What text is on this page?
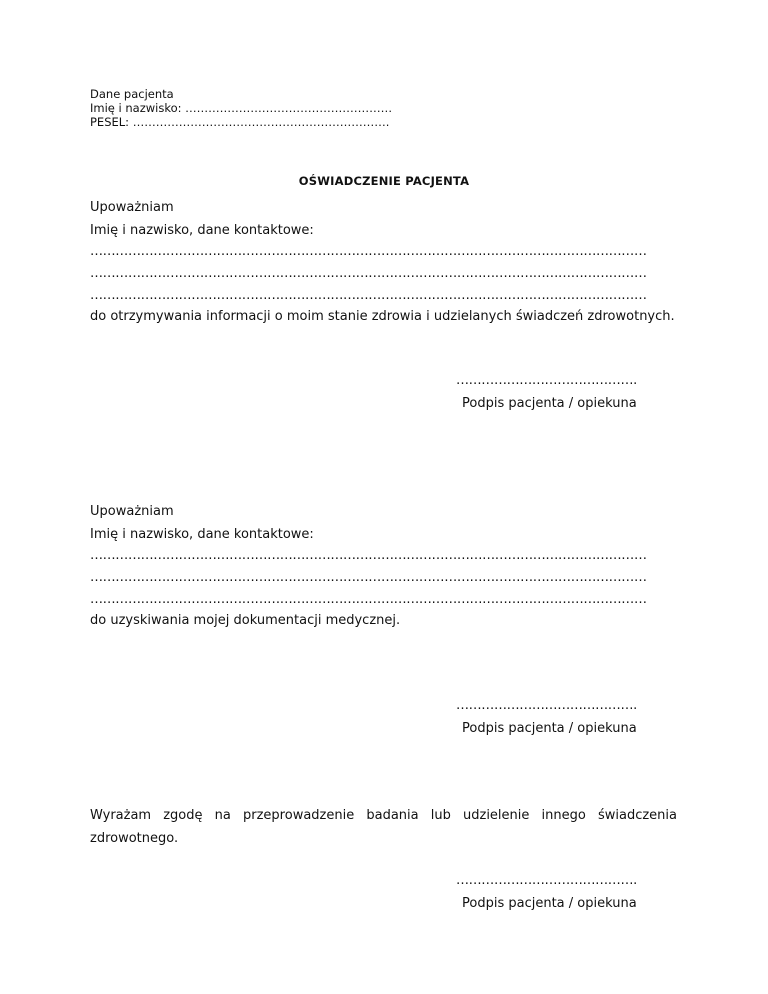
Dane pacjenta
Imię i nazwisko: ………………………………………………
PESEL: ………………………………………………………….
OŚWIADCZENIE PACJENTA
Upoważniam
Imię i nazwisko, dane kontaktowe:
……………………………………………………………………………………………………………………
……………………………………………………………………………………………………………………
……………………………………………………………………………………………………………………
do otrzymywania informacji o moim stanie zdrowia i udzielanych świadczeń zdrowotnych.
…………………………………….
Podpis pacjenta / opiekuna
Upoważniam
Imię i nazwisko, dane kontaktowe:
……………………………………………………………………………………………………………………
……………………………………………………………………………………………………………………
……………………………………………………………………………………………………………………
do uzyskiwania mojej dokumentacji medycznej.
…………………………………….
Podpis pacjenta / opiekuna
Wyrażam zgodę na przeprowadzenie badania lub udzielenie innego świadczenia
zdrowotnego.
…………………………………….
Podpis pacjenta / opiekuna
